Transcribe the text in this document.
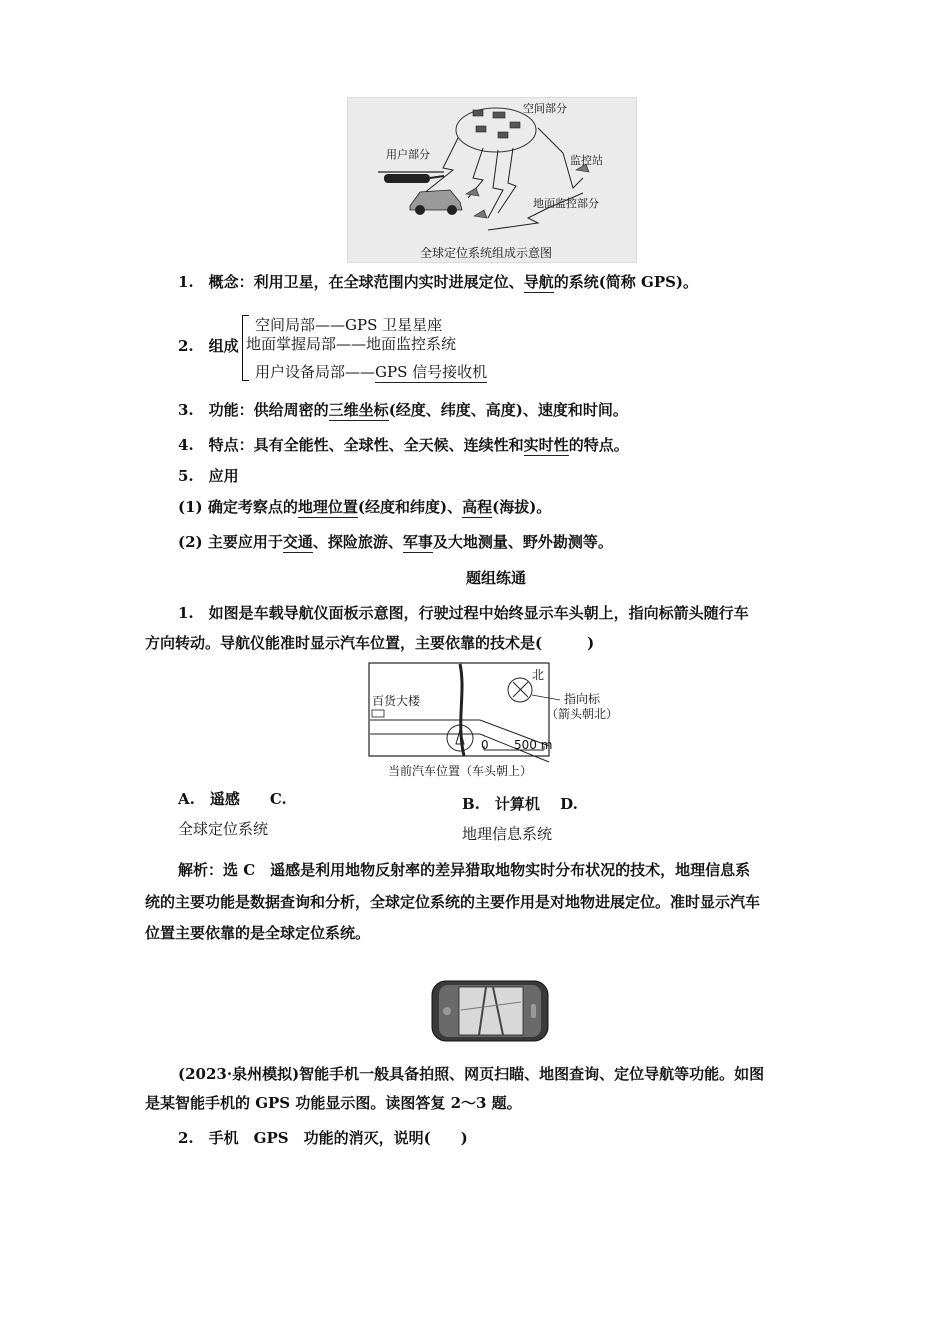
空间部分
用户部分	监控站
地面监控部分
全球定位系统组成示意图
1.　概念：利用卫星，在全球范围内实时进展定位、导航的系统(简称 GPS)。
2.　组成
空间局部——GPS 卫星星座
地面掌握局部——地面监控系统
用户设备局部——GPS 信号接收机
3.　功能：供给周密的三维坐标(经度、纬度、高度)、速度和时间。
4.　特点：具有全能性、全球性、全天候、连续性和实时性的特点。
5.　应用
(1) 确定考察点的地理位置(经度和纬度)、高程(海拔)。
(2) 主要应用于交通、探险旅游、军事及大地测量、野外勘测等。
题组练通
1.　如图是车载导航仪面板示意图，行驶过程中始终显示车头朝上，指向标箭头随行车
方向转动。导航仪能准时显示汽车位置，主要依靠的技术是(　　　)
百货大楼
北
指向标
（箭头朝北）
0 500 m
当前汽车位置（车头朝上）
A.　遥感　　C.
全球定位系统
B.　计算机　 D.
地理信息系统
解析：选 C　遥感是利用地物反射率的差异猎取地物实时分布状况的技术，地理信息系
统的主要功能是数据查询和分析，全球定位系统的主要作用是对地物进展定位。准时显示汽车
位置主要依靠的是全球定位系统。
(2023·泉州模拟)智能手机一般具备拍照、网页扫瞄、地图查询、定位导航等功能。如图
是某智能手机的 GPS 功能显示图。读图答复 2～3 题。
2.　手机　GPS　功能的消灭，说明(　　)
